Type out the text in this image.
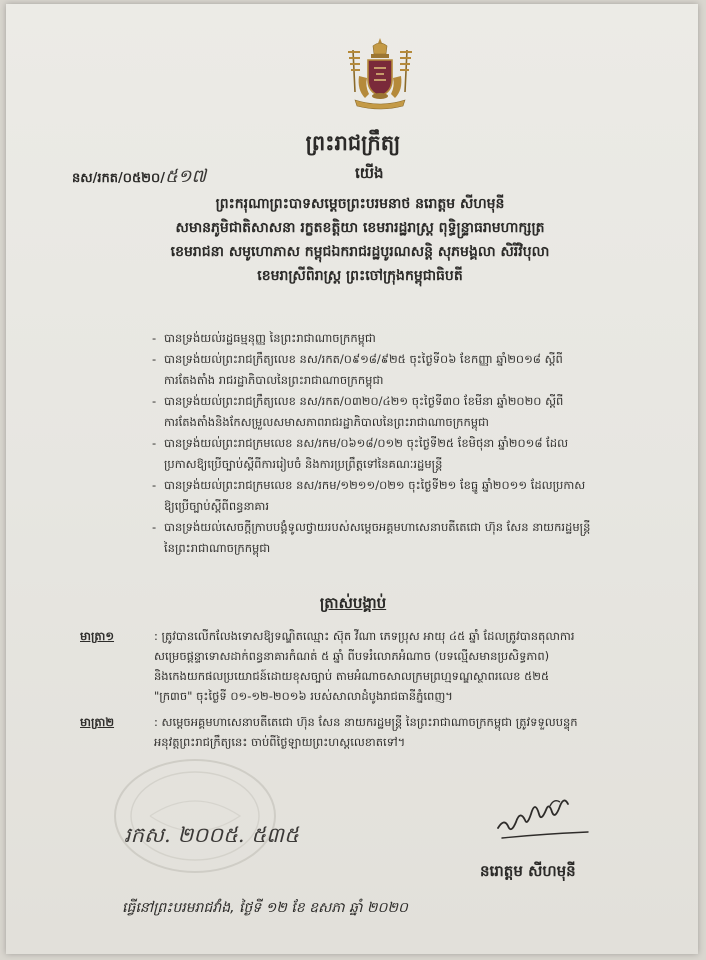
ព្រះរាជក្រឹត្យ
នស/រកត/០៥២០/៥១៧	យើង
ព្រះករុណាព្រះបាទសម្តេចព្រះបរមនាថ នរោត្តម សីហមុនី
សមានភូមិជាតិសាសនា រក្ខតខត្តិយា ខេមរារដ្ឋរាស្ត្រ ពុទ្ធិន្ទ្រាធរាមហាក្សត្រ
ខេមរាជនា សមូហោភាស កម្ពុជឯករាជរដ្ឋបូរណសន្តិ សុភមង្គលា សិរីវិបុលា
ខេមរាស្រីពិរាស្ត្រ ព្រះចៅក្រុងកម្ពុជាធិបតី
- បានទ្រង់យល់រដ្ឋធម្មនុញ្ញ នៃព្រះរាជាណាចក្រកម្ពុជា
- បានទ្រង់យល់ព្រះរាជក្រឹត្យលេខ នស/រកត/០៩១៨/៩២៥ ចុះថ្ងៃទី០៦ ខែកញ្ញា ឆ្នាំ២០១៨ ស្តីពី
ការតែងតាំង រាជរដ្ឋាភិបាលនៃព្រះរាជាណាចក្រកម្ពុជា
- បានទ្រង់យល់ព្រះរាជក្រឹត្យលេខ នស/រកត/០៣២០/៤២១ ចុះថ្ងៃទី៣០ ខែមីនា ឆ្នាំ២០២០ ស្តីពី
ការតែងតាំងនិងកែសម្រួលសមាសភាពរាជរដ្ឋាភិបាលនៃព្រះរាជាណាចក្រកម្ពុជា
- បានទ្រង់យល់ព្រះរាជក្រមលេខ នស/រកម/០៦១៨/០១២ ចុះថ្ងៃទី២៥ ខែមិថុនា ឆ្នាំ២០១៨ ដែល
ប្រកាសឱ្យប្រើច្បាប់ស្តីពីការរៀបចំ និងការប្រព្រឹត្តទៅនៃគណៈរដ្ឋមន្ត្រី
- បានទ្រង់យល់ព្រះរាជក្រមលេខ នស/រកម/១២១១/០២១ ចុះថ្ងៃទី២១ ខែធ្នូ ឆ្នាំ២០១១ ដែលប្រកាស
ឱ្យប្រើច្បាប់ស្តីពីពន្ធនាគារ
- បានទ្រង់យល់សេចក្តីក្រាបបង្គំទូលថ្វាយរបស់សម្តេចអគ្គមហាសេនាបតីតេជោ ហ៊ុន សែន នាយករដ្ឋមន្ត្រី
នៃព្រះរាជាណាចក្រកម្ពុជា
ត្រាស់បង្គាប់
មាត្រា១	: ត្រូវបានលើកលែងទោសឱ្យទណ្ឌិតឈ្មោះ ស៊ុត វីណា ភេទប្រុស អាយុ ៤៥ ឆ្នាំ ដែលត្រូវបានតុលាការ
សម្រេចផ្តន្ទាទោសដាក់ពន្ធនាគារកំណត់ ៥ ឆ្នាំ ពីបទរំលោភអំណាច (បទល្មើសមានប្រសិទ្ធភាព)
និងកេងយកផលប្រយោជន៍ដោយខុសច្បាប់ តាមអំណាចសាលក្រមព្រហ្មទណ្ឌស្ថាពរលេខ ៥២៥
"ក្រ៣ច" ចុះថ្ងៃទី ០១-១២-២០១៦ របស់សាលាដំបូងរាជធានីភ្នំពេញ។
មាត្រា២	: សម្តេចអគ្គមហាសេនាបតីតេជោ ហ៊ុន សែន នាយករដ្ឋមន្ត្រី នៃព្រះរាជាណាចក្រកម្ពុជា ត្រូវទទួលបន្ទុក
អនុវត្តព្រះរាជក្រឹត្យនេះ ចាប់ពីថ្ងៃឡាយព្រះហស្តលេខាតទៅ។
រកស. ២០០៥. ៥៣៥
នរោត្តម សីហមុនី
ធ្វើនៅព្រះបរមរាជវាំង, ថ្ងៃទី ១២ ខែ ឧសភា ឆ្នាំ ២០២០
